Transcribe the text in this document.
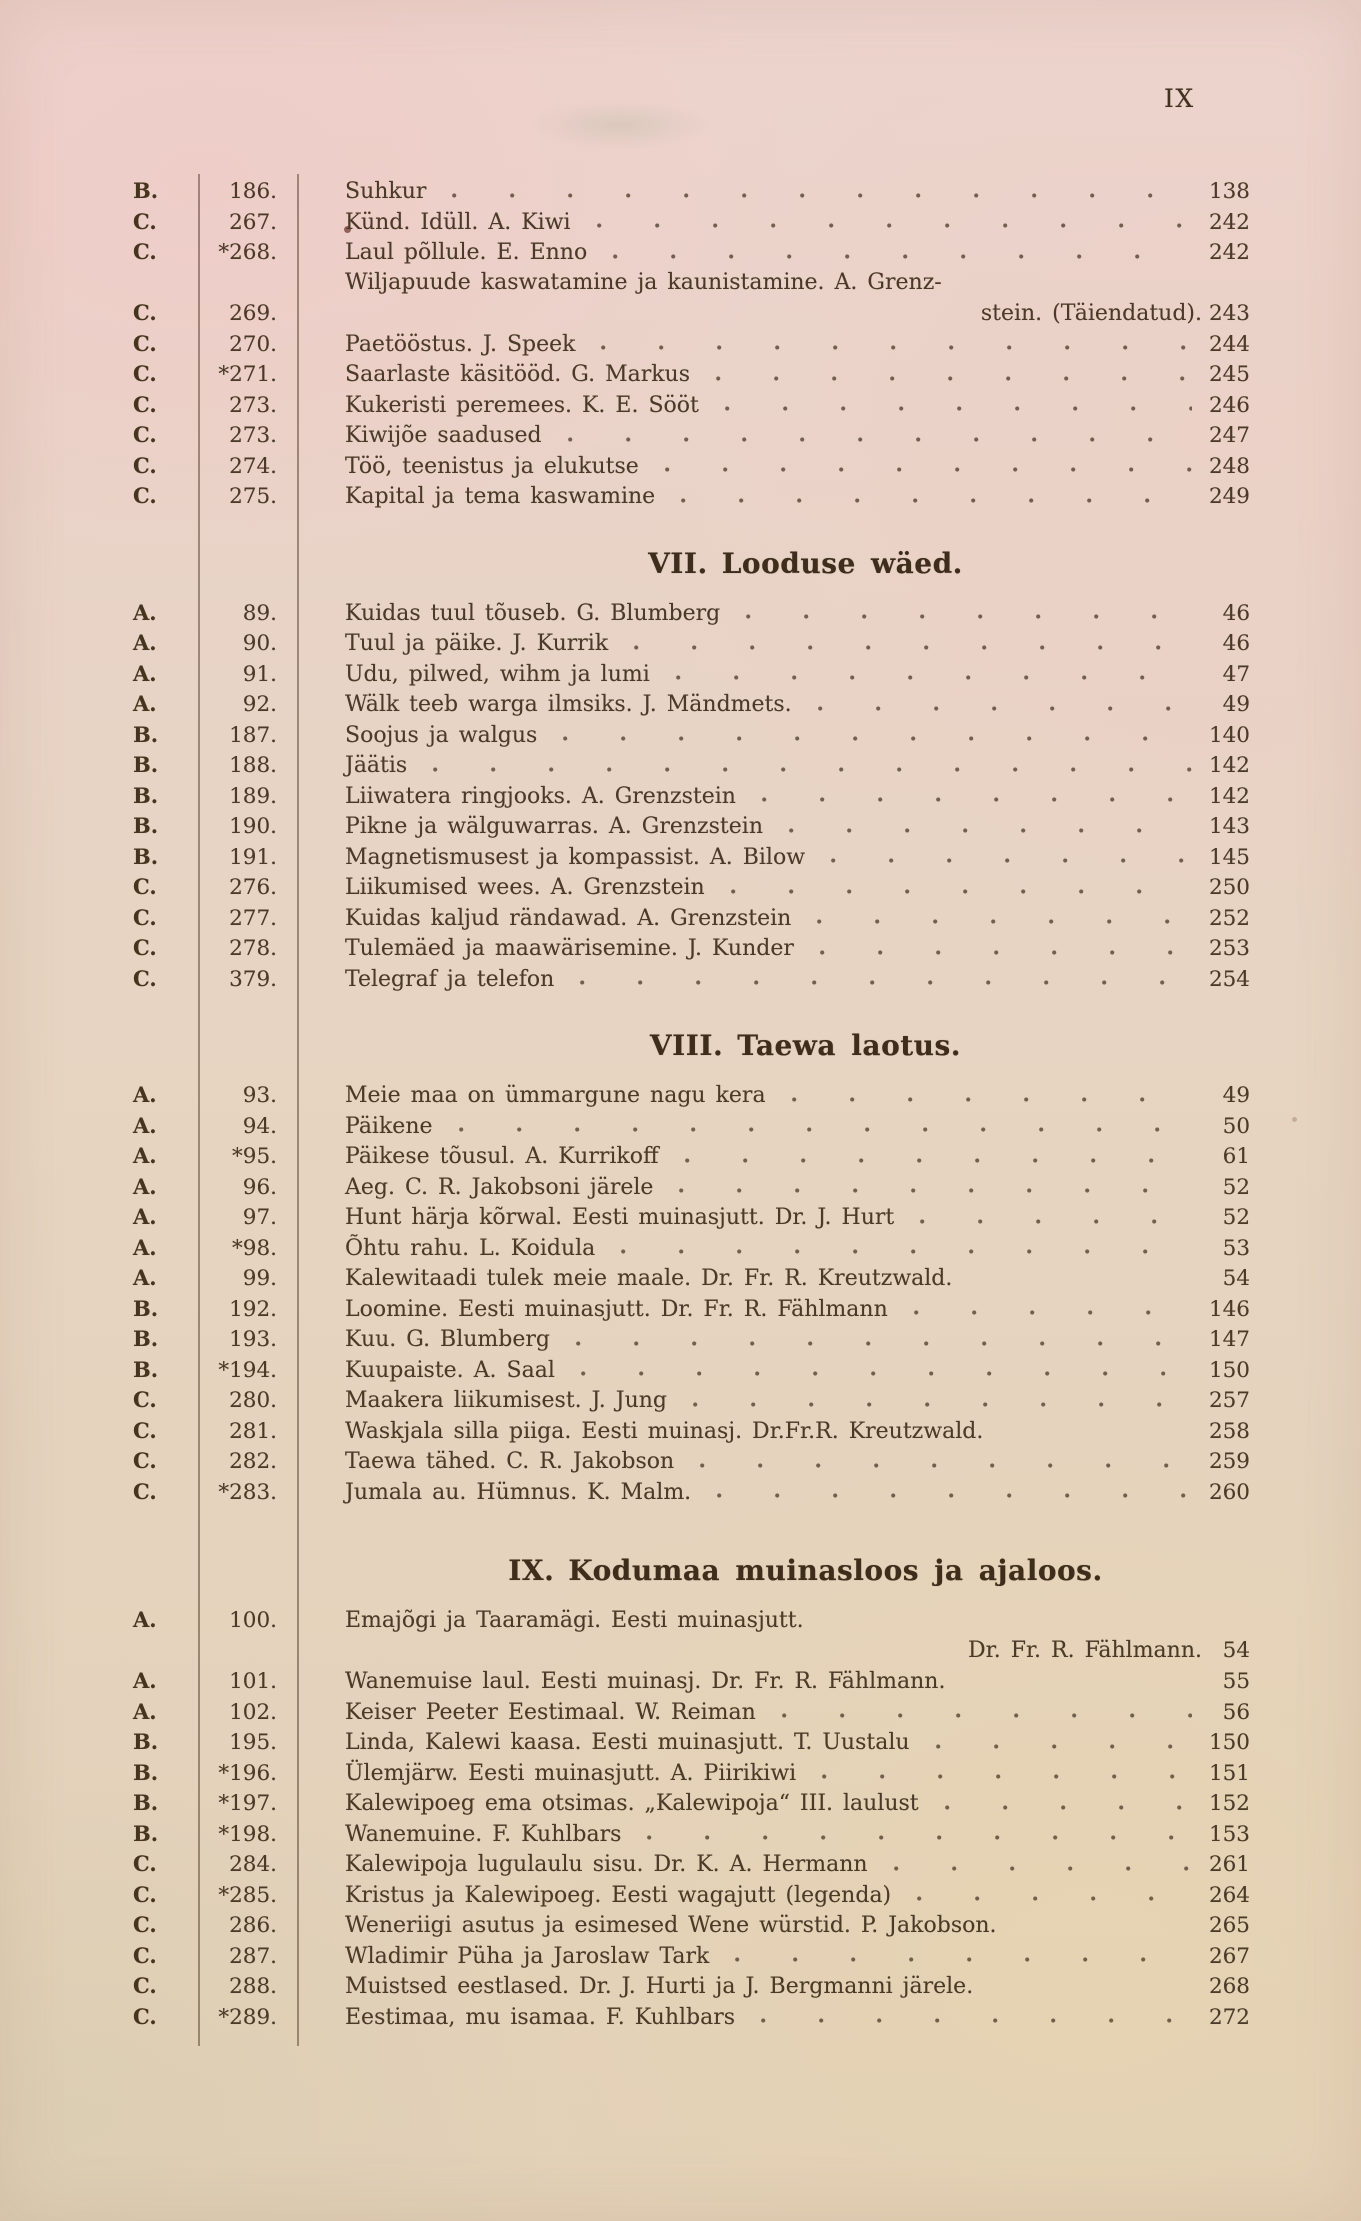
IX
B.	186.	Suhkur	138
C.	267.	Künd. Idüll. A. Kiwi	242
C.	*268.	Laul põllule. E. Enno	242
Wiljapuude kaswatamine ja kaunistamine. A. Grenz-
C.	269.	stein. (Täiendatud). 243
C.	270.	Paetööstus. J. Speek	244
C.	*271.	Saarlaste käsitööd. G. Markus	245
C.	273.	Kukeristi peremees. K. E. Sööt	246
C.	273.	Kiwijõe saadused	247
C.	274.	Töö, teenistus ja elukutse	248
C.	275.	Kapital ja tema kaswamine	249
VII. Looduse wäed.
A.	89.	Kuidas tuul tõuseb. G. Blumberg	46
A.	90.	Tuul ja päike. J. Kurrik	46
A.	91.	Udu, pilwed, wihm ja lumi	47
A.	92.	Wälk teeb warga ilmsiks. J. Mändmets.	49
B.	187.	Soojus ja walgus	140
B.	188.	Jäätis	142
B.	189.	Liiwatera ringjooks. A. Grenzstein	142
B.	190.	Pikne ja wälguwarras. A. Grenzstein	143
B.	191.	Magnetismusest ja kompassist. A. Bilow	145
C.	276.	Liikumised wees. A. Grenzstein	250
C.	277.	Kuidas kaljud rändawad. A. Grenzstein	252
C.	278.	Tulemäed ja maawärisemine. J. Kunder	253
C.	379.	Telegraf ja telefon	254
VIII. Taewa laotus.
A.	93.	Meie maa on ümmargune nagu kera	49
A.	94.	Päikene	50
A.	*95.	Päikese tõusul. A. Kurrikoff	61
A.	96.	Aeg. C. R. Jakobsoni järele	52
A.	97.	Hunt härja kõrwal. Eesti muinasjutt. Dr. J. Hurt	52
A.	*98.	Õhtu rahu. L. Koidula	53
A.	99.	Kalewitaadi tulek meie maale. Dr. Fr. R. Kreutzwald.	54
B.	192.	Loomine. Eesti muinasjutt. Dr. Fr. R. Fählmann	146
B.	193.	Kuu. G. Blumberg	147
B.	*194.	Kuupaiste. A. Saal	150
C.	280.	Maakera liikumisest. J. Jung	257
C.	281.	Waskjala silla piiga. Eesti muinasj. Dr.Fr.R. Kreutzwald.	258
C.	282.	Taewa tähed. C. R. Jakobson	259
C.	*283.	Jumala au. Hümnus. K. Malm.	260
IX. Kodumaa muinasloos ja ajaloos.
A.	100.	Emajõgi ja Taaramägi. Eesti muinasjutt.
Dr. Fr. R. Fählmann. 54
A.	101.	Wanemuise laul. Eesti muinasj. Dr. Fr. R. Fählmann.	55
A.	102.	Keiser Peeter Eestimaal. W. Reiman	56
B.	195.	Linda, Kalewi kaasa. Eesti muinasjutt. T. Uustalu	150
B.	*196.	Ülemjärw. Eesti muinasjutt. A. Piirikiwi	151
B.	*197.	Kalewipoeg ema otsimas. „Kalewipoja“ III. laulust	152
B.	*198.	Wanemuine. F. Kuhlbars	153
C.	284.	Kalewipoja lugulaulu sisu. Dr. K. A. Hermann	261
C.	*285.	Kristus ja Kalewipoeg. Eesti wagajutt (legenda)	264
C.	286.	Weneriigi asutus ja esimesed Wene würstid. P. Jakobson.	265
C.	287.	Wladimir Püha ja Jaroslaw Tark	267
C.	288.	Muistsed eestlased. Dr. J. Hurti ja J. Bergmanni järele.	268
C.	*289.	Eestimaa, mu isamaa. F. Kuhlbars	272
